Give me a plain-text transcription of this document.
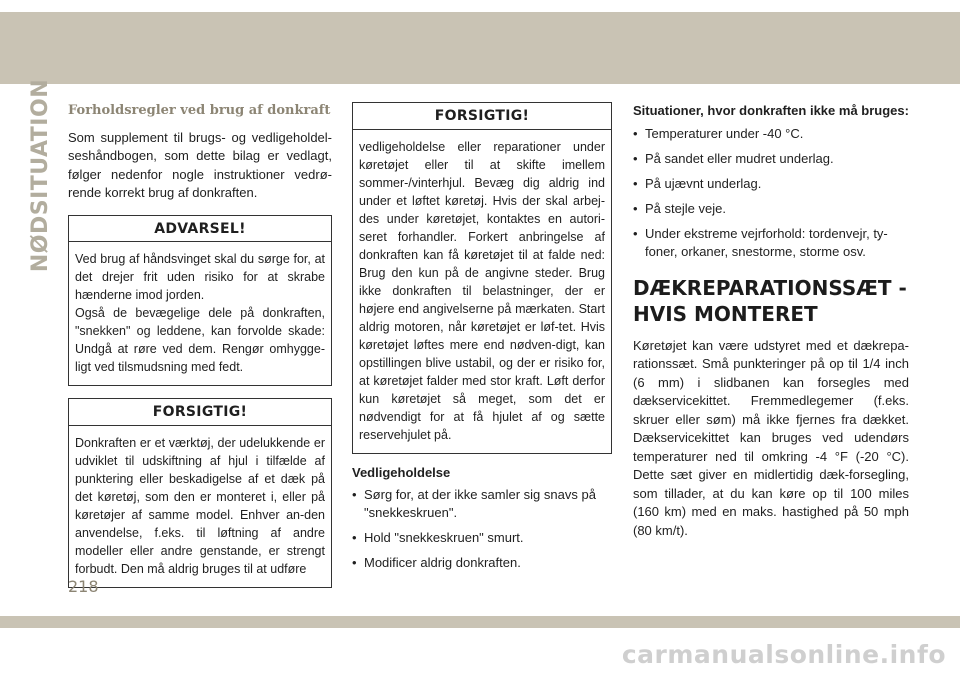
NØDSITUATION Forholdsregler ved brug af donkraft

Som supplement til brugs- og vedligeholdel-seshåndbogen, som dette bilag er vedlagt, følger nedenfor nogle instruktioner vedrø-rende korrekt brug af donkraften.

ADVARSEL!
Ved brug af håndsvinget skal du sørge for, at det drejer frit uden risiko for at skrabe hænderne imod jorden.
Også de bevægelige dele på donkraften, "snekken" og leddene, kan forvolde skade: Undgå at røre ved dem. Rengør omhygge-ligt ved tilsmudsning med fedt.
FORSIGTIG!
Donkraften er et værktøj, der udelukkende er udviklet til udskiftning af hjul i tilfælde af punktering eller beskadigelse af et dæk på det køretøj, som den er monteret i, eller på køretøjer af samme model. Enhver an-den anvendelse, f.eks. til løftning af andre modeller eller andre genstande, er strengt forbudt. Den må aldrig bruges til at udføre
FORSIGTIG!
vedligeholdelse eller reparationer under køretøjet eller til at skifte imellem sommer-/vinterhjul. Bevæg dig aldrig ind under et løftet køretøj. Hvis der skal arbej-des under køretøjet, kontaktes en autori-seret forhandler. Forkert anbringelse af donkraften kan få køretøjet til at falde ned: Brug den kun på de angivne steder. Brug ikke donkraften til belastninger, der er højere end angivelserne på mærkaten. Start aldrig motoren, når køretøjet er løf-tet. Hvis køretøjet løftes mere end nødven-digt, kan opstillingen blive ustabil, og der er risiko for, at køretøjet falder med stor kraft. Løft derfor kun køretøjet så meget, som det er nødvendigt for at få hjulet af og sætte reservehjulet på.
Vedligeholdelse
• Sørg for, at der ikke samler sig snavs på "snekkeskruen".
• Hold "snekkeskruen" smurt.
• Modificer aldrig donkraften.
Situationer, hvor donkraften ikke må bruges:
• Temperaturer under -40 °C.
• På sandet eller mudret underlag.
• På ujævnt underlag.
• På stejle veje.
• Under ekstreme vejrforhold: tordenvejr, ty-foner, orkaner, snestorme, storme osv.
DÆKREPARATIONSSÆT -
HVIS MONTERET

Køretøjet kan være udstyret med et dækrepa-rationssæt. Små punkteringer på op til 1/4 inch (6 mm) i slidbanen kan forsegles med dækservicekittet. Fremmedlegemer (f.eks. skruer eller søm) må ikke fjernes fra dækket. Dækservicekittet kan bruges ved udendørs temperaturer ned til omkring -4 °F (-20 °C). Dette sæt giver en midlertidig dæk-forsegling, som tillader, at du kan køre op til 100 miles (160 km) med en maks. hastighed på 50 mph (80 km/t).

218
carmanualsonline.info
